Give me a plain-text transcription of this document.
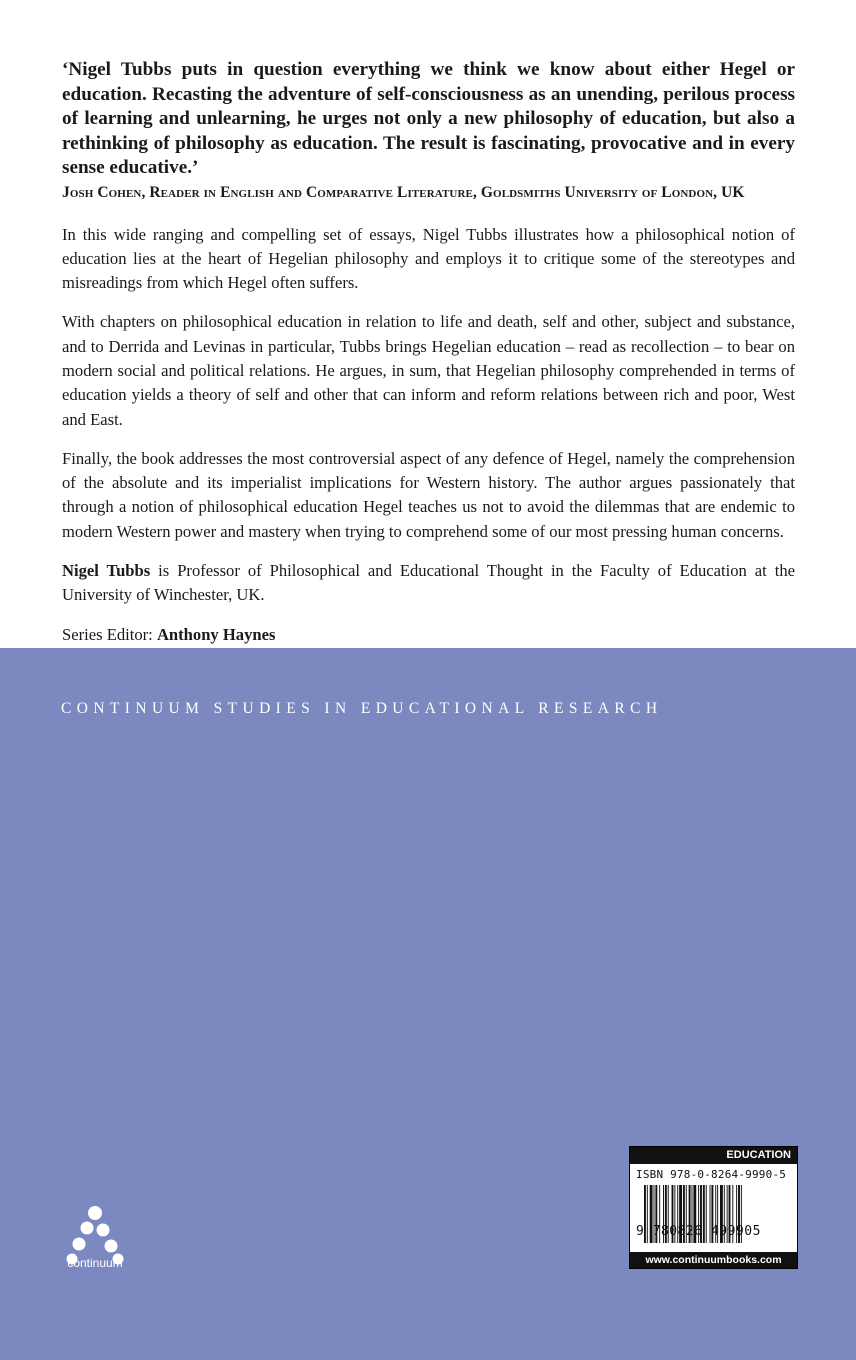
‘Nigel Tubbs puts in question everything we think we know about either Hegel or education. Recasting the adventure of self-consciousness as an unending, perilous process of learning and unlearning, he urges not only a new philosophy of education, but also a rethinking of philosophy as education. The result is fascinating, provocative and in every sense educative.’

Josh Cohen, Reader in English and Comparative Literature, Goldsmiths University of London, UK

In this wide ranging and compelling set of essays, Nigel Tubbs illustrates how a philosophical notion of education lies at the heart of Hegelian philosophy and employs it to critique some of the stereotypes and misreadings from which Hegel often suffers.

With chapters on philosophical education in relation to life and death, self and other, subject and substance, and to Derrida and Levinas in particular, Tubbs brings Hegelian education – read as recollection – to bear on modern social and political relations. He argues, in sum, that Hegelian philosophy comprehended in terms of education yields a theory of self and other that can inform and reform relations between rich and poor, West and East.

Finally, the book addresses the most controversial aspect of any defence of Hegel, namely the comprehension of the absolute and its imperialist implications for Western history. The author argues passionately that through a notion of philosophical education Hegel teaches us not to avoid the dilemmas that are endemic to modern Western power and mastery when trying to comprehend some of our most pressing human concerns.

Nigel Tubbs is Professor of Philosophical and Educational Thought in the Faculty of Education at the University of Winchester, UK.

Series Editor: Anthony Haynes

CONTINUUM STUDIES IN EDUCATIONAL RESEARCH
continuum
EDUCATION
ISBN 978-0-8264-9990-5
9 780826 499905
www.continuumbooks.com
